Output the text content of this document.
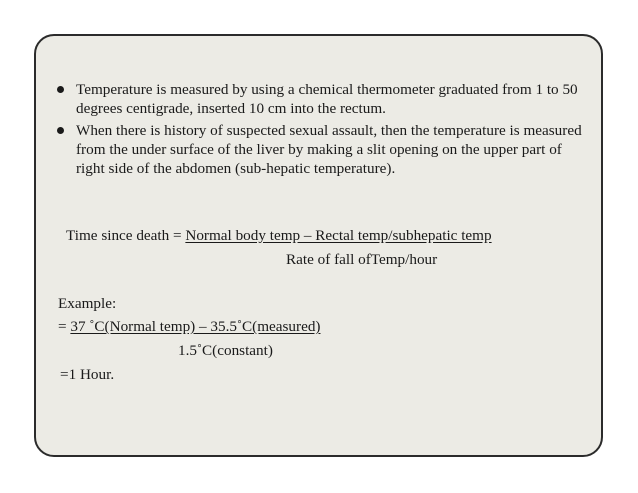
Temperature is measured by using a chemical thermometer graduated from 1 to 50 degrees centigrade, inserted 10 cm into the rectum.
When there is history of suspected sexual assault, then the temperature is measured from the under surface of the liver by making a slit opening on the upper part of right side of the abdomen (sub-hepatic temperature).
Time since death = Normal body temp – Rectal temp/subhepatic temp
Rate of fall ofTemp/hour
Example:
= 37 ˚C(Normal temp) – 35.5˚C(measured)
1.5˚C(constant)
=1 Hour.
